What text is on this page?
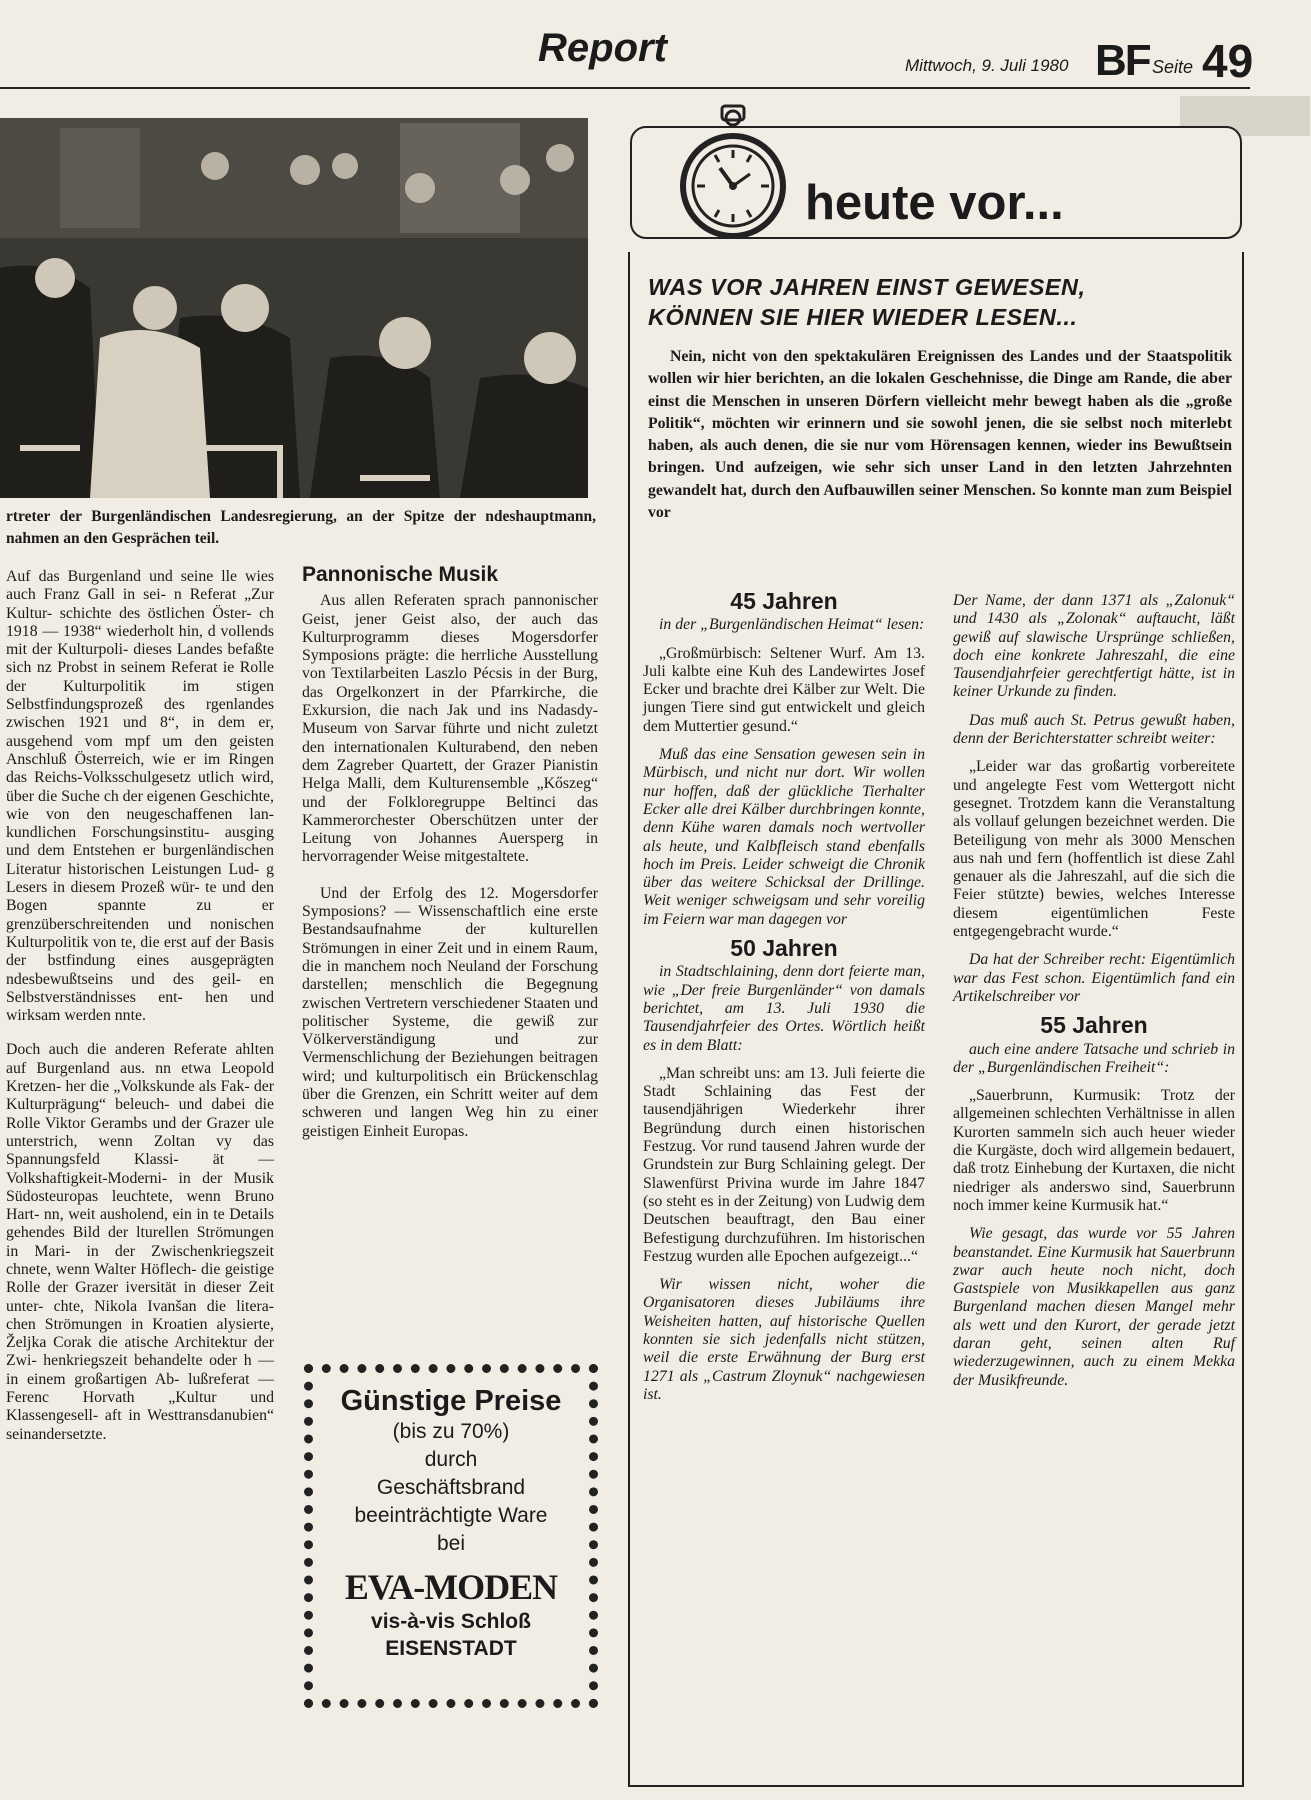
Report	Mittwoch, 9. Juli 1980 BF Seite 49
rtreter der Burgenländischen Landesregierung, an der Spitze der ndeshauptmann, nahmen an den Gesprächen teil.

Auf das Burgenland und seine lle wies auch Franz Gall in sei- n Referat „Zur Kultur- schichte des östlichen Öster- ch 1918 — 1938“ wiederholt hin, d vollends mit der Kulturpoli- dieses Landes befaßte sich nz Probst in seinem Referat ie Rolle der Kulturpolitik im stigen Selbstfindungsprozeß des rgenlandes zwischen 1921 und 8“, in dem er, ausgehend vom mpf um den geisten Anschluß Österreich, wie er im Ringen das Reichs-Volksschulgesetz utlich wird, über die Suche ch der eigenen Geschichte, wie von den neugeschaffenen lan- kundlichen Forschungsinstitu- ausging und dem Entstehen er burgenländischen Literatur historischen Leistungen Lud- g Lesers in diesem Prozeß wür- te und den Bogen spannte zu er grenzüberschreitenden und nonischen Kulturpolitik von te, die erst auf der Basis der bstfindung eines ausgeprägten ndesbewußtseins und des geil- en Selbstverständnisses ent- hen und wirksam werden nnte.

Doch auch die anderen Referate ahlten auf Burgenland aus. nn etwa Leopold Kretzen- her die „Volkskunde als Fak- der Kulturprägung“ beleuch- und dabei die Rolle Viktor Gerambs und der Grazer ule unterstrich, wenn Zoltan vy das Spannungsfeld Klassi- ät — Volkshaftigkeit-Moderni- in der Musik Südosteuropas leuchtete, wenn Bruno Hart- nn, weit ausholend, ein in te Details gehendes Bild der lturellen Strömungen in Mari- in der Zwischenkriegszeit chnete, wenn Walter Höflech- die geistige Rolle der Grazer iversität in dieser Zeit unter- chte, Nikola Ivanšan die litera- chen Strömungen in Kroatien alysierte, Željka Corak die atische Architektur der Zwi- henkriegszeit behandelte oder h — in einem großartigen Ab- lußreferat — Ferenc Horvath „Kultur und Klassengesell- aft in Westtransdanubien“ seinandersetzte.

Pannonische Musik

Aus allen Referaten sprach pannonischer Geist, jener Geist also, der auch das Kulturprogramm dieses Mogersdorfer Symposions prägte: die herrliche Ausstellung von Textilarbeiten Laszlo Pécsis in der Burg, das Orgelkonzert in der Pfarrkirche, die Exkursion, die nach Jak und ins Nadasdy-Museum von Sarvar führte und nicht zuletzt den internationalen Kulturabend, den neben dem Zagreber Quartett, der Grazer Pianistin Helga Malli, dem Kulturensemble „Kőszeg“ und der Folkloregruppe Beltinci das Kammerorchester Oberschützen unter der Leitung von Johannes Auersperg in hervorragender Weise mitgestaltete.

Und der Erfolg des 12. Mogersdorfer Symposions? — Wissenschaftlich eine erste Bestandsaufnahme der kulturellen Strömungen in einer Zeit und in einem Raum, die in manchem noch Neuland der Forschung darstellen; menschlich die Begegnung zwischen Vertretern verschiedener Staaten und politischer Systeme, die gewiß zur Völkerverständigung und zur Vermenschlichung der Beziehungen beitragen wird; und kulturpolitisch ein Brückenschlag über die Grenzen, ein Schritt weiter auf dem schweren und langen Weg hin zu einer geistigen Einheit Europas.

Günstige Preise
(bis zu 70%)
durch
Geschäftsbrand
beeinträchtigte Ware
bei
EVA-MODEN
vis-à-vis Schloß
EISENSTADT
heute vor...
WAS VOR JAHREN EINST GEWESEN,
KÖNNEN SIE HIER WIEDER LESEN...

Nein, nicht von den spektakulären Ereignissen des Landes und der Staatspolitik wollen wir hier berichten, an die lokalen Geschehnisse, die Dinge am Rande, die aber einst die Menschen in unseren Dörfern vielleicht mehr bewegt haben als die „große Politik“, möchten wir erinnern und sie sowohl jenen, die sie selbst noch miterlebt haben, als auch denen, die sie nur vom Hörensagen kennen, wieder ins Bewußtsein bringen. Und aufzeigen, wie sehr sich unser Land in den letzten Jahrzehnten gewandelt hat, durch den Aufbauwillen seiner Menschen. So konnte man zum Beispiel vor

45 Jahren

in der „Burgenländischen Heimat“ lesen:

„Großmürbisch: Seltener Wurf. Am 13. Juli kalbte eine Kuh des Landewirtes Josef Ecker und brachte drei Kälber zur Welt. Die jungen Tiere sind gut entwickelt und gleich dem Muttertier gesund.“

Muß das eine Sensation gewesen sein in Mürbisch, und nicht nur dort. Wir wollen nur hoffen, daß der glückliche Tierhalter Ecker alle drei Kälber durchbringen konnte, denn Kühe waren damals noch wertvoller als heute, und Kalbfleisch stand ebenfalls hoch im Preis. Leider schweigt die Chronik über das weitere Schicksal der Drillinge. Weit weniger schweigsam und sehr voreilig im Feiern war man dagegen vor

50 Jahren

in Stadtschlaining, denn dort feierte man, wie „Der freie Burgenländer“ von damals berichtet, am 13. Juli 1930 die Tausendjahrfeier des Ortes. Wörtlich heißt es in dem Blatt:

„Man schreibt uns: am 13. Juli feierte die Stadt Schlaining das Fest der tausendjährigen Wiederkehr ihrer Begründung durch einen historischen Festzug. Vor rund tausend Jahren wurde der Grundstein zur Burg Schlaining gelegt. Der Slawenfürst Privina wurde im Jahre 1847 (so steht es in der Zeitung) von Ludwig dem Deutschen beauftragt, den Bau einer Befestigung durchzuführen. Im historischen Festzug wurden alle Epochen aufgezeigt...“

Wir wissen nicht, woher die Organisatoren dieses Jubiläums ihre Weisheiten hatten, auf historische Quellen konnten sie sich jedenfalls nicht stützen, weil die erste Erwähnung der Burg erst 1271 als „Castrum Zloynuk“ nachgewiesen ist.

Der Name, der dann 1371 als „Zalonuk“ und 1430 als „Zolonak“ auftaucht, läßt gewiß auf slawische Ursprünge schließen, doch eine konkrete Jahreszahl, die eine Tausendjahrfeier gerechtfertigt hätte, ist in keiner Urkunde zu finden.

Das muß auch St. Petrus gewußt haben, denn der Berichterstatter schreibt weiter:

„Leider war das großartig vorbereitete und angelegte Fest vom Wettergott nicht gesegnet. Trotzdem kann die Veranstaltung als vollauf gelungen bezeichnet werden. Die Beteiligung von mehr als 3000 Menschen aus nah und fern (hoffentlich ist diese Zahl genauer als die Jahreszahl, auf die sich die Feier stützte) bewies, welches Interesse diesem eigentümlichen Feste entgegengebracht wurde.“

Da hat der Schreiber recht: Eigentümlich war das Fest schon. Eigentümlich fand ein Artikelschreiber vor

55 Jahren

auch eine andere Tatsache und schrieb in der „Burgenländischen Freiheit“:

„Sauerbrunn, Kurmusik: Trotz der allgemeinen schlechten Verhältnisse in allen Kurorten sammeln sich auch heuer wieder die Kurgäste, doch wird allgemein bedauert, daß trotz Einhebung der Kurtaxen, die nicht niedriger als anderswo sind, Sauerbrunn noch immer keine Kurmusik hat.“

Wie gesagt, das wurde vor 55 Jahren beanstandet. Eine Kurmusik hat Sauerbrunn zwar auch heute noch nicht, doch Gastspiele von Musikkapellen aus ganz Burgenland machen diesen Mangel mehr als wett und den Kurort, der gerade jetzt daran geht, seinen alten Ruf wiederzugewinnen, auch zu einem Mekka der Musikfreunde.
